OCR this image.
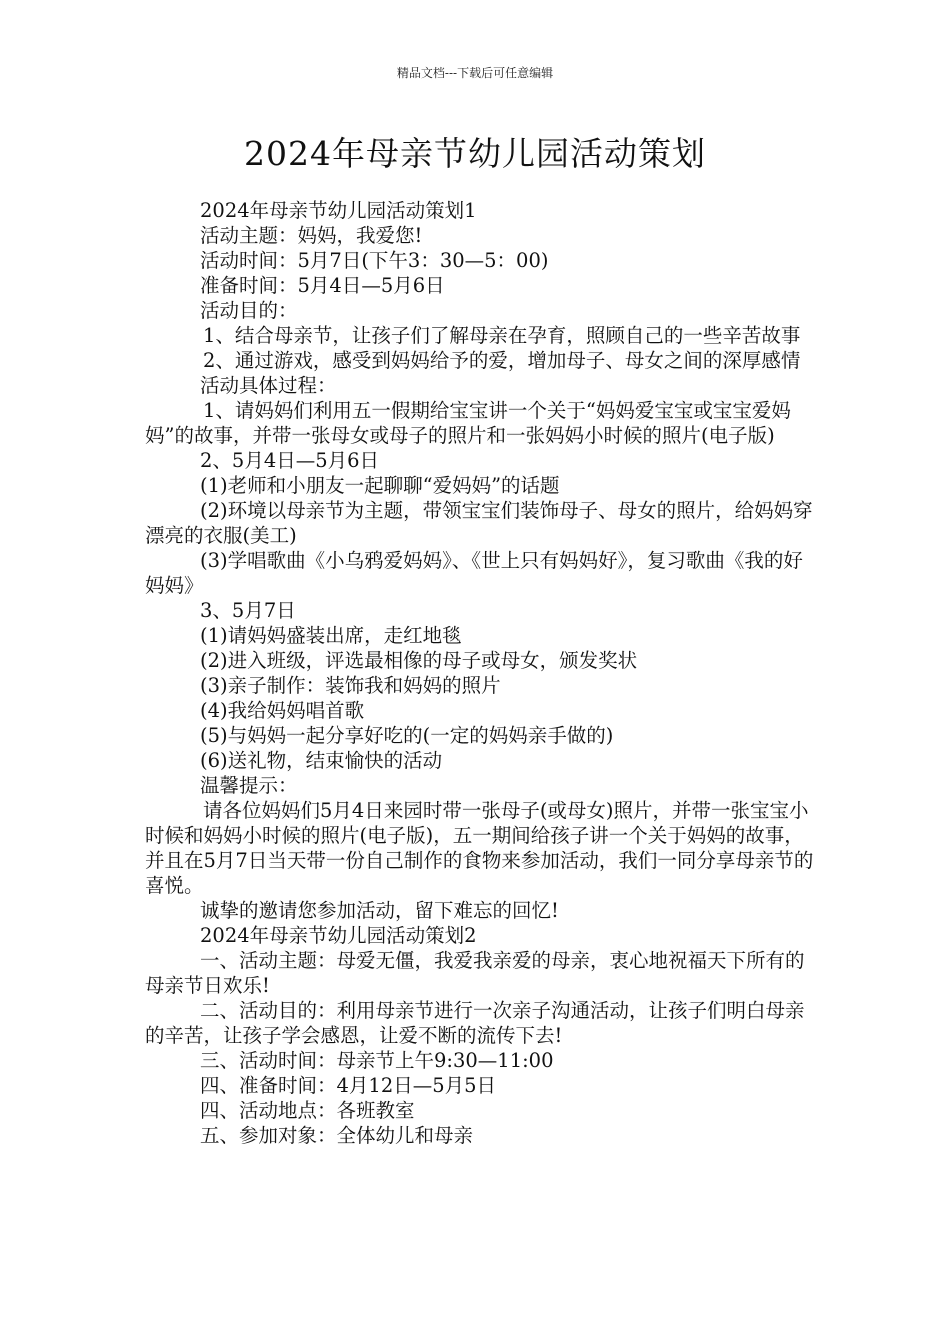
精品文档---下载后可任意编辑
2024年母亲节幼儿园活动策划

2024年母亲节幼儿园活动策划1

活动主题：妈妈，我爱您!

活动时间：5月7日(下午3：30—5：00)

准备时间：5月4日—5月6日

活动目的：

1、结合母亲节，让孩子们了解母亲在孕育，照顾自己的一些辛苦故事

2、通过游戏，感受到妈妈给予的爱，增加母子、母女之间的深厚感情

活动具体过程：

1、请妈妈们利用五一假期给宝宝讲一个关于“妈妈爱宝宝或宝宝爱妈妈”的故事，并带一张母女或母子的照片和一张妈妈小时候的照片(电子版)

2、5月4日—5月6日

(1)老师和小朋友一起聊聊“爱妈妈”的话题

(2)环境以母亲节为主题，带领宝宝们装饰母子、母女的照片，给妈妈穿漂亮的衣服(美工)

(3)学唱歌曲《小乌鸦爱妈妈》、《世上只有妈妈好》，复习歌曲《我的好妈妈》

3、5月7日

(1)请妈妈盛装出席，走红地毯

(2)进入班级，评选最相像的母子或母女，颁发奖状

(3)亲子制作：装饰我和妈妈的照片

(4)我给妈妈唱首歌

(5)与妈妈一起分享好吃的(一定的妈妈亲手做的)

(6)送礼物，结束愉快的活动

温馨提示：

请各位妈妈们5月4日来园时带一张母子(或母女)照片，并带一张宝宝小时候和妈妈小时候的照片(电子版)，五一期间给孩子讲一个关于妈妈的故事，并且在5月7日当天带一份自己制作的食物来参加活动，我们一同分享母亲节的喜悦。

诚挚的邀请您参加活动，留下难忘的回忆!

2024年母亲节幼儿园活动策划2

一、活动主题：母爱无僵，我爱我亲爱的母亲，衷心地祝福天下所有的母亲节日欢乐!

二、活动目的：利用母亲节进行一次亲子沟通活动，让孩子们明白母亲的辛苦，让孩子学会感恩，让爱不断的流传下去!

三、活动时间：母亲节上午9:30—11:00

四、准备时间：4月12日—5月5日

四、活动地点：各班教室

五、参加对象：全体幼儿和母亲
